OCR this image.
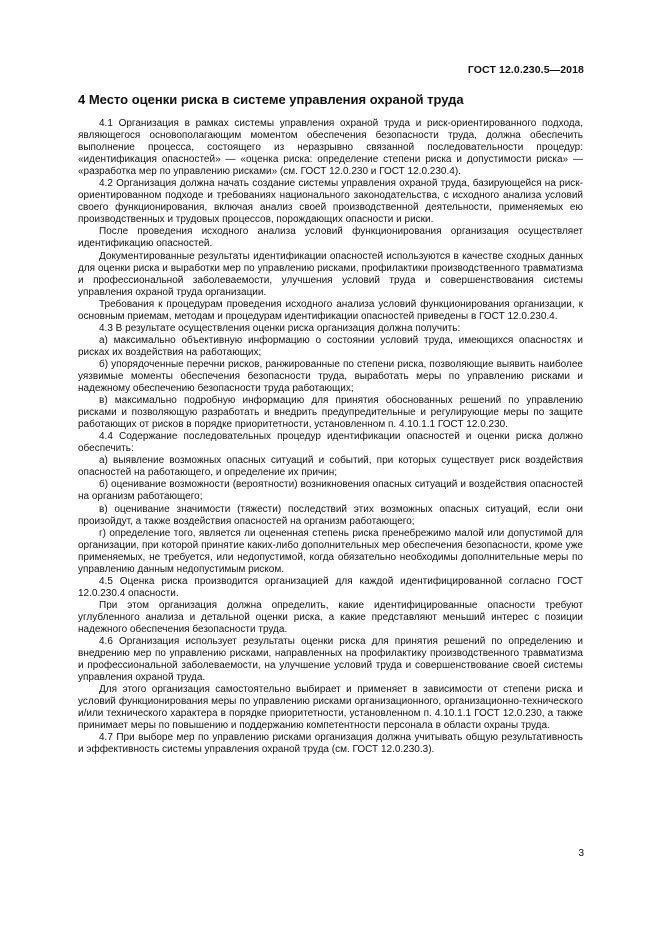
ГОСТ 12.0.230.5—2018
4 Место оценки риска в системе управления охраной труда

4.1 Организация в рамках системы управления охраной труда и риск-ориентированного подхода, являющегося основополагающим моментом обеспечения безопасности труда, должна обеспечить выполнение процесса, состоящего из неразрывно связанной последовательности процедур: «идентификация опасностей» — «оценка риска: определение степени риска и допустимости риска» — «разработка мер по управлению рисками» (см. ГОСТ 12.0.230 и ГОСТ 12.0.230.4).

4.2 Организация должна начать создание системы управления охраной труда, базирующейся на риск-ориентированном подходе и требованиях национального законодательства, с исходного анализа условий своего функционирования, включая анализ своей производственной деятельности, применяемых ею производственных и трудовых процессов, порождающих опасности и риски.

После проведения исходного анализа условий функционирования организация осуществляет идентификацию опасностей.

Документированные результаты идентификации опасностей используются в качестве сходных данных для оценки риска и выработки мер по управлению рисками, профилактики производственного травматизма и профессиональной заболеваемости, улучшения условий труда и совершенствования системы управления охраной труда организации.

Требования к процедурам проведения исходного анализа условий функционирования организации, к основным приемам, методам и процедурам идентификации опасностей приведены в ГОСТ 12.0.230.4.

4.3 В результате осуществления оценки риска организация должна получить:

а) максимально объективную информацию о состоянии условий труда, имеющихся опасностях и рисках их воздействия на работающих;

б) упорядоченные перечни рисков, ранжированные по степени риска, позволяющие выявить наиболее уязвимые моменты обеспечения безопасности труда, выработать меры по управлению рисками и надежному обеспечению безопасности труда работающих;

в) максимально подробную информацию для принятия обоснованных решений по управлению рисками и позволяющую разработать и внедрить предупредительные и регулирующие меры по защите работающих от рисков в порядке приоритетности, установленном п. 4.10.1.1 ГОСТ 12.0.230.

4.4 Содержание последовательных процедур идентификации опасностей и оценки риска должно обеспечить:

а) выявление возможных опасных ситуаций и событий, при которых существует риск воздействия опасностей на работающего, и определение их причин;

б) оценивание возможности (вероятности) возникновения опасных ситуаций и воздействия опасностей на организм работающего;

в) оценивание значимости (тяжести) последствий этих возможных опасных ситуаций, если они произойдут, а также воздействия опасностей на организм работающего;

г) определение того, является ли оцененная степень риска пренебрежимо малой или допустимой для организации, при которой принятие каких-либо дополнительных мер обеспечения безопасности, кроме уже применяемых, не требуется, или недопустимой, когда обязательно необходимы дополнительные меры по управлению данным недопустимым риском.

4.5 Оценка риска производится организацией для каждой идентифицированной согласно ГОСТ 12.0.230.4 опасности.

При этом организация должна определить, какие идентифицированные опасности требуют углубленного анализа и детальной оценки риска, а какие представляют меньший интерес с позиции надежного обеспечения безопасности труда.

4.6 Организация использует результаты оценки риска для принятия решений по определению и внедрению мер по управлению рисками, направленных на профилактику производственного травматизма и профессиональной заболеваемости, на улучшение условий труда и совершенствование своей системы управления охраной труда.

Для этого организация самостоятельно выбирает и применяет в зависимости от степени риска и условий функционирования меры по управлению рисками организационного, организационно-технического и/или технического характера в порядке приоритетности, установленном п. 4.10.1.1 ГОСТ 12.0.230, а также принимает меры по повышению и поддержанию компетентности персонала в области охраны труда.

4.7 При выборе мер по управлению рисками организация должна учитывать общую результативность и эффективность системы управления охраной труда (см. ГОСТ 12.0.230.3).

3
